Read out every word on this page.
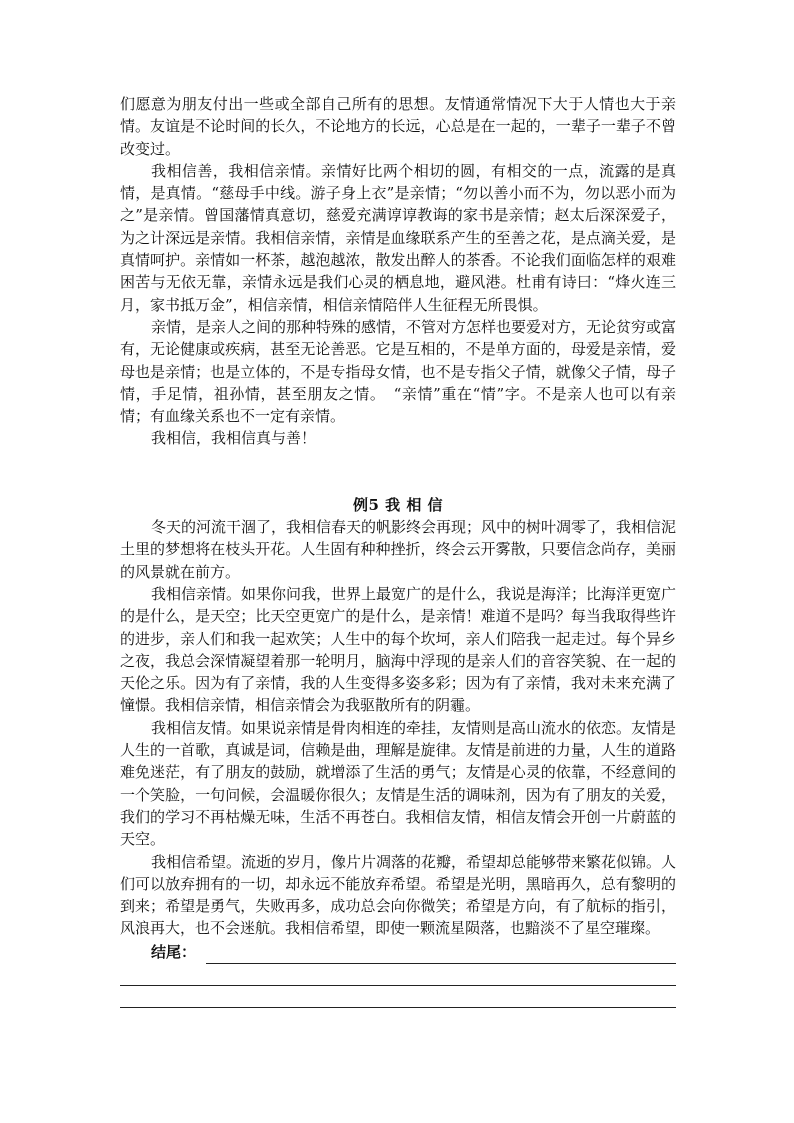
们愿意为朋友付出一些或全部自己所有的思想。友情通常情况下大于人情也大于亲情。友谊是不论时间的长久，不论地方的长远，心总是在一起的，一辈子一辈子不曾改变过。

我相信善，我相信亲情。亲情好比两个相切的圆，有相交的一点，流露的是真情，是真情。“慈母手中线。游子身上衣”是亲情；“勿以善小而不为，勿以恶小而为之”是亲情。曾国藩情真意切，慈爱充满谆谆教诲的家书是亲情；赵太后深深爱子，为之计深远是亲情。我相信亲情，亲情是血缘联系产生的至善之花，是点滴关爱，是真情呵护。亲情如一杯茶，越泡越浓，散发出醉人的茶香。不论我们面临怎样的艰难困苦与无依无靠，亲情永远是我们心灵的栖息地，避风港。杜甫有诗曰：“烽火连三月，家书抵万金”，相信亲情，相信亲情陪伴人生征程无所畏惧。

亲情，是亲人之间的那种特殊的感情，不管对方怎样也要爱对方，无论贫穷或富有，无论健康或疾病，甚至无论善恶。它是互相的，不是单方面的，母爱是亲情，爱母也是亲情；也是立体的，不是专指母女情，也不是专指父子情，就像父子情，母子情，手足情，祖孙情，甚至朋友之情。　“亲情”重在“情”字。不是亲人也可以有亲情；有血缘关系也不一定有亲情。

我相信，我相信真与善！

例5 我 相 信

冬天的河流干涸了，我相信春天的帆影终会再现；风中的树叶凋零了，我相信泥土里的梦想将在枝头开花。人生固有种种挫折，终会云开雾散，只要信念尚存，美丽的风景就在前方。

我相信亲情。如果你问我，世界上最宽广的是什么，我说是海洋；比海洋更宽广的是什么，是天空；比天空更宽广的是什么，是亲情！难道不是吗？每当我取得些许的进步，亲人们和我一起欢笑；人生中的每个坎坷，亲人们陪我一起走过。每个异乡之夜，我总会深情凝望着那一轮明月，脑海中浮现的是亲人们的音容笑貌、在一起的天伦之乐。因为有了亲情，我的人生变得多姿多彩；因为有了亲情，我对未来充满了憧憬。我相信亲情，相信亲情会为我驱散所有的阴霾。

我相信友情。如果说亲情是骨肉相连的牵挂，友情则是高山流水的依恋。友情是人生的一首歌，真诚是词，信赖是曲，理解是旋律。友情是前进的力量，人生的道路难免迷茫，有了朋友的鼓励，就增添了生活的勇气；友情是心灵的依靠，不经意间的一个笑脸，一句问候，会温暖你很久；友情是生活的调味剂，因为有了朋友的关爱，我们的学习不再枯燥无味，生活不再苍白。我相信友情，相信友情会开创一片蔚蓝的天空。

我相信希望。流逝的岁月，像片片凋落的花瓣，希望却总能够带来繁花似锦。人们可以放弃拥有的一切，却永远不能放弃希望。希望是光明，黑暗再久，总有黎明的到来；希望是勇气，失败再多，成功总会向你微笑；希望是方向，有了航标的指引，风浪再大，也不会迷航。我相信希望，即使一颗流星陨落，也黯淡不了星空璀璨。

结尾：
